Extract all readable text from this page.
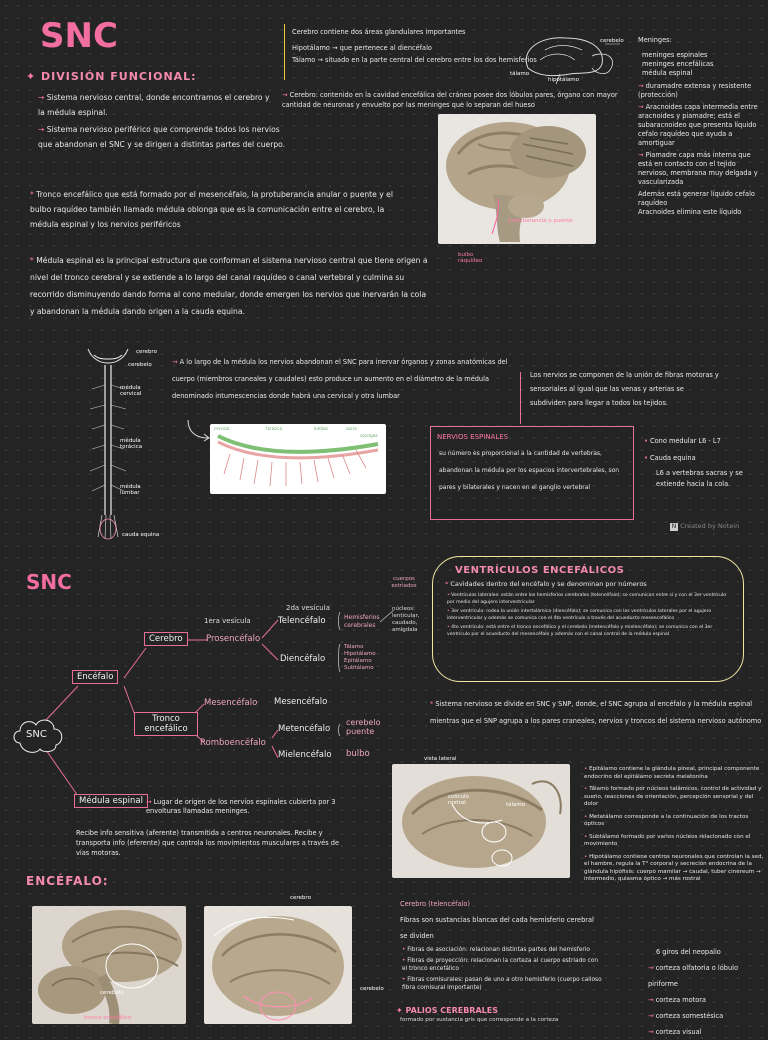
SNC
✦ DIVISIÓN FUNCIONAL:
→ Sistema nervioso central, donde encontramos el cerebro y la médula espinal.
→ Sistema nervioso periférico que comprende todos los nervios que abandonan el SNC y se dirigen a distintas partes del cuerpo.
* Tronco encefálico que está formado por el mesencéfalo, la protuberancia anular o puente y el bulbo raquídeo también llamado médula oblonga que es la comunicación entre el cerebro, la médula espinal y los nervios periféricos
* Médula espinal es la principal estructura que conforman el sistema nervioso central que tiene origen a nivel del tronco cerebral y se extiende a lo largo del canal raquídeo o canal vertebral y culmina su recorrido disminuyendo dando forma al cono medular, donde emergen los nervios que inervarán la cola y abandonan la médula dando origen a la cauda equina.
Cerebro contiene dos áreas glandulares importantes
Hipotálamo → que pertenece al diencéfalo
Tálamo → situado en la parte central del cerebro entre los dos hemisferios
cerebelo
tálamo
hipotálamo
→ Cerebro: contenido en la cavidad encefálica del cráneo posee dos lóbulos pares, órgano con mayor cantidad de neuronas y envuelto por las meninges que lo separan del hueso
Meninges:
meninges espinales
meninges encefálicas
médula espinal
→ duramadre extensa y resistente (protección)
→ Aracnoides capa intermedia entre aracnoides y piamadre; está el subaracnoideo que presenta líquido cefalo raquídeo que ayuda a amortiguar
→ Piamadre capa más interna que está en contacto con el tejido nervioso, membrana muy delgada y vascularizada
Además está generar líquido cefalo raquídeo
Aracnoides elimina este líquido
protuberancia o puente
bulbo raquídeo
cerebro
cerebelo
médula cervical
médula torácica
médula lumbar
cauda equina
→ A lo largo de la médula los nervios abandonan el SNC para inervar órganos y zonas anatómicas del cuerpo (miembros craneales y caudales) esto produce un aumento en el diámetro de la médula denominado intumescencias donde habrá una cervical y otra lumbar
cervical	torácica	lumbar	sacra
coccígea
Los nervios se componen de la unión de fibras motoras y sensoriales al igual que las venas y arterias se subdividen para llegar a todos los tejidos.
NERVIOS ESPINALES
su número es proporcional a la cantidad de vertebras, abandonan la médula por los espacios intervertebrales, son pares y bilaterales y nacen en el ganglio vertebral
• Cono medular L6 - L7
• Cauda equina
L6 a vertebras sacras y se extiende hacia la cola.
N Created by Notein
SNC
SNC
Encéfalo
Cerebro
Tronco encefálico
Médula espinal
1era vesícula
Prosencéfalo
2da vesícula
Telencéfalo
Diencéfalo
Hemisferios cerebrales
cuerpos estriados
núcleos: lenticular, caudado, amígdala
Tálamo Hipotálamo Epitálamo Subtálamo
Mesencéfalo Mesencéfalo
Romboencéfalo
Metencéfalo
Mielencéfalo
cerebelo puente
bulbo
→ Lugar de origen de los nervios espinales cubierta por 3 envolturas llamadas meninges.
Recibe info sensitiva (aferente) transmitida a centros neuronales. Recibe y transporta info (eferente) que controla los movimientos musculares a través de vías motoras.
VENTRÍCULOS ENCEFÁLICOS
* Cavidades dentro del encéfalo y se denominan por números
• Ventrículos laterales: están entre los hemisferios cerebrales (telencéfalo); se comunican entre sí y con el 3er ventrículo por medio del agujero interventricular
• 3er ventrículo: rodea la unión intertalámica (diencéfalo); se comunica con los ventrículos laterales por el agujero interventricular y además se comunica con el 4to ventrículo a través del acueducto mesencefálico
• 4to ventrículo: está entre el tronco encefálico y el cerebelo (metencéfalo y mielencéfalo); se comunica con el 3er ventrículo por el acueducto del mesencéfalo y además con el canal central de la médula espinal
* Sistema nervioso se divide en SNC y SNP, donde, el SNC agrupa al encéfalo y la médula espinal mientras que el SNP agrupa a los pares craneales, nervios y troncos del sistema nervioso autónomo
vista lateral
colículo rostral	tálamo
• Epitálamo contiene la glándula pineal, principal componente endocrino del epitálamo secreta melatonina
• Tálamo formado por núcleos talámicos, control de actividad y sueño, reacciones de orientación, percepción sensorial y del dolor
• Metatálamo corresponde a la continuación de los tractos ópticos
• Subtálamo formado por varios núcleos relacionado con el movimiento
• Hipotálamo contiene centros neuronales que controlan la sed, el hambre, regula la T° corporal y secreción endocrina de la glándula hipófisis: cuerpo mamilar → caudal, tuber cinereum → intermedio, quiasma óptico → más rostral
ENCÉFALO:
cerebelo
tronco encefálico
cerebro
cerebelo
Cerebro (telencéfalo)
Fibras son sustancias blancas del cada hemisferio cerebral se dividen
• Fibras de asociación: relacionan distintas partes del hemisferio
• Fibras de proyección: relacionan la corteza al cuerpo estriado con el tronco encefálico
• Fibras comisurales: pasan de uno a otro hemisferio (cuerpo calloso fibra comisural importante)
✦ PALIOS CEREBRALES
formado por sustancia gris que corresponde a la corteza
6 giros del neopalio
→ corteza olfatoria o lóbulo piriforme
→ corteza motora
→ corteza somestésica
→ corteza visual
